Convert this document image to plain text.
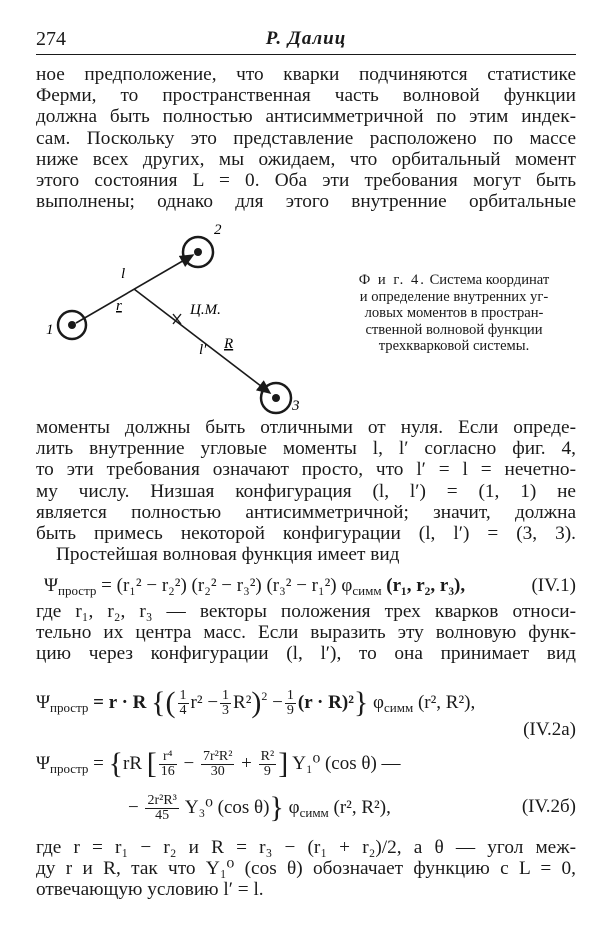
274	Р. Далиц

ное предположение, что кварки подчиняются статистике
Ферми, то пространственная часть волновой функции
должна быть полностью антисимметричной по этим индек-
сам. Поскольку это представление расположено по массе
ниже всех других, мы ожидаем, что орбитальный момент
этого состояния L = 0. Оба эти требования могут быть
выполнены; однако для этого внутренние орбитальные

1
2
3
l
r	Ц.М.
l′ R
Ф и г. 4. Система координат
и определение внутренних уг-
ловых моментов в простран-
ственной волновой функции
трехкварковой системы.

моменты должны быть отличными от нуля. Если опреде-
лить внутренние угловые моменты l, l′ согласно фиг. 4,
то эти требования означают просто, что l′ = l = нечетно-
му числу. Низшая конфигурация (l, l′) = (1, 1) не
является полностью антисимметричной; значит, должна
быть примесь некоторой конфигурации (l, l′) = (3, 3).
Простейшая волновая функция имеет вид

$\Psi_{простр} = (r_1^2 - r_2^2) (r_2^2 - r_3^2) (r_3^2 - r_1^2)$ $\varphi_{симм}$ (r₁, r₂, r₃),	(IV.1)

где r₁, r₂, r₃ — векторы положения трех кварков относи-
тельно их центра масс. Если выразить эту волновую функ-
цию через конфигурации (l, l′), то она принимает вид

$\Psi_{простр} = r \cdot R$ {( $\frac{1}{4} r^2 - \frac{1}{3} R^2)^2 - \frac{1}{9} (r \cdot R)^2$} $\varphi_{симм}$ (r², R²),
(IV.2a)
$\Psi_{простр} = \{rR$ [ $\frac{\text{r⁴}}{16} - \frac{\text{7r²R²}}{30} + \frac{\text{R²}}{9}$ ] Y₁⁰ (cos θ) —
− $\frac{\text{2r²R³}}{45} Y_3^0$ (cos θ)} $\varphi_{симм}$ (r², R²),	(IV.2б)

где r = r₁ − r₂ и R = r₃ − (r₁ + r₂)/2, а θ — угол меж-
ду r и R, так что Y₁⁰ (cos θ) обозначает функцию с L = 0,
отвечающую условию l′ = l.
